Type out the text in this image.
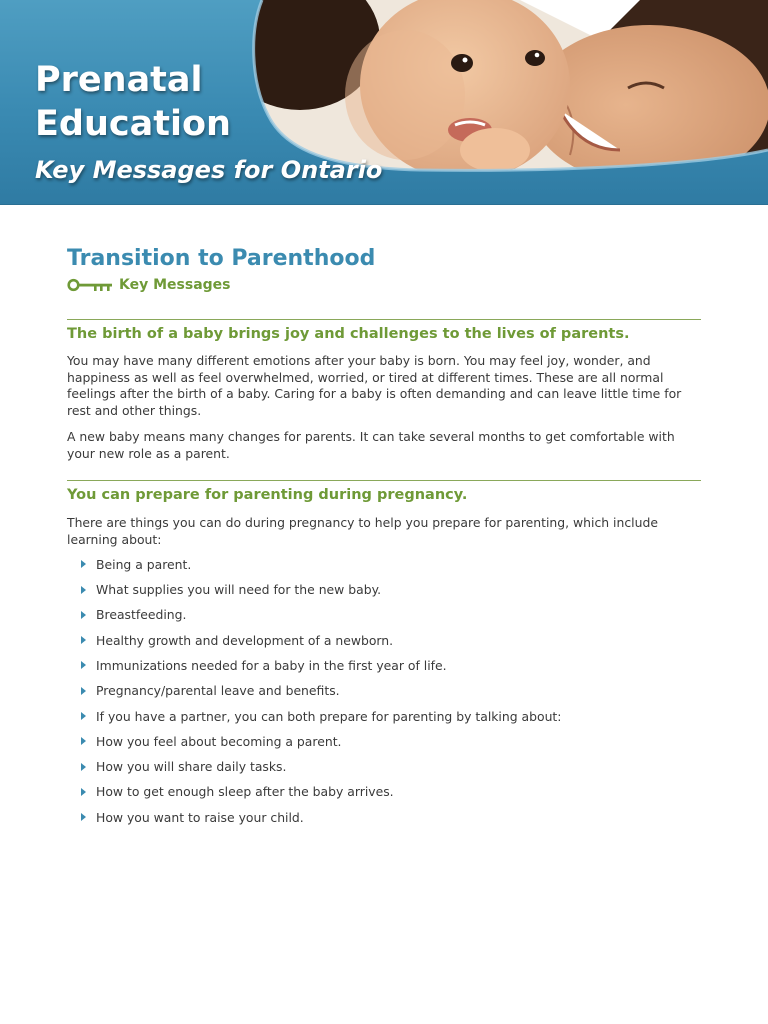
Prenatal
Education
Key Messages for Ontario
Transition to Parenthood
Key Messages
The birth of a baby brings joy and challenges to the lives of parents.

You may have many different emotions after your baby is born. You may feel joy, wonder, and happiness as well as feel overwhelmed, worried, or tired at different times. These are all normal feelings after the birth of a baby. Caring for a baby is often demanding and can leave little time for rest and other things.

A new baby means many changes for parents. It can take several months to get comfortable with your new role as a parent.

You can prepare for parenting during pregnancy.

There are things you can do during pregnancy to help you prepare for parenting, which include learning about:

Being a parent.
What supplies you will need for the new baby.
Breastfeeding.
Healthy growth and development of a newborn.
Immunizations needed for a baby in the first year of life.
Pregnancy/parental leave and benefits.
If you have a partner, you can both prepare for parenting by talking about:
How you feel about becoming a parent.
How you will share daily tasks.
How to get enough sleep after the baby arrives.
How you want to raise your child.
